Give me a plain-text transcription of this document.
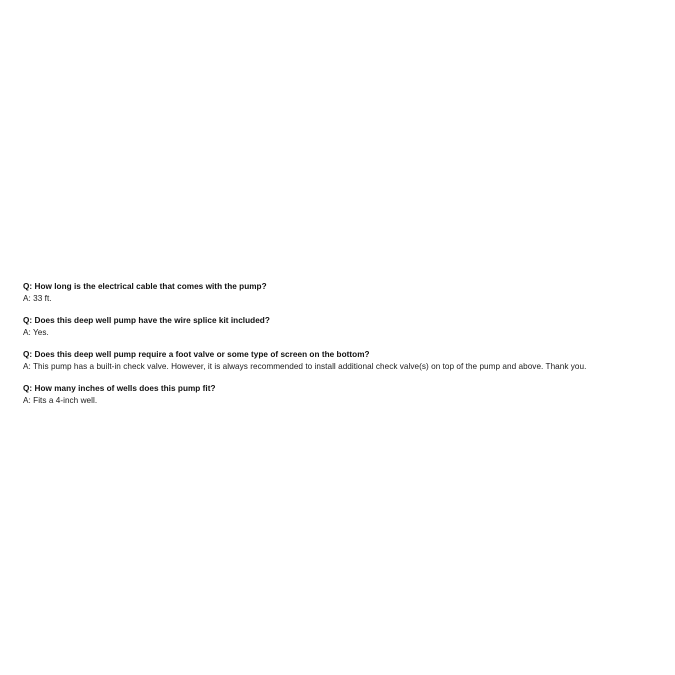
Q: How long is the electrical cable that comes with the pump?
A: 33 ft.
Q: Does this deep well pump have the wire splice kit included?
A: Yes.
Q: Does this deep well pump require a foot valve or some type of screen on the bottom?
A: This pump has a built-in check valve. However, it is always recommended to install additional check valve(s) on top of the pump and above. Thank you.
Q: How many inches of wells does this pump fit?
A: Fits a 4-inch well.
